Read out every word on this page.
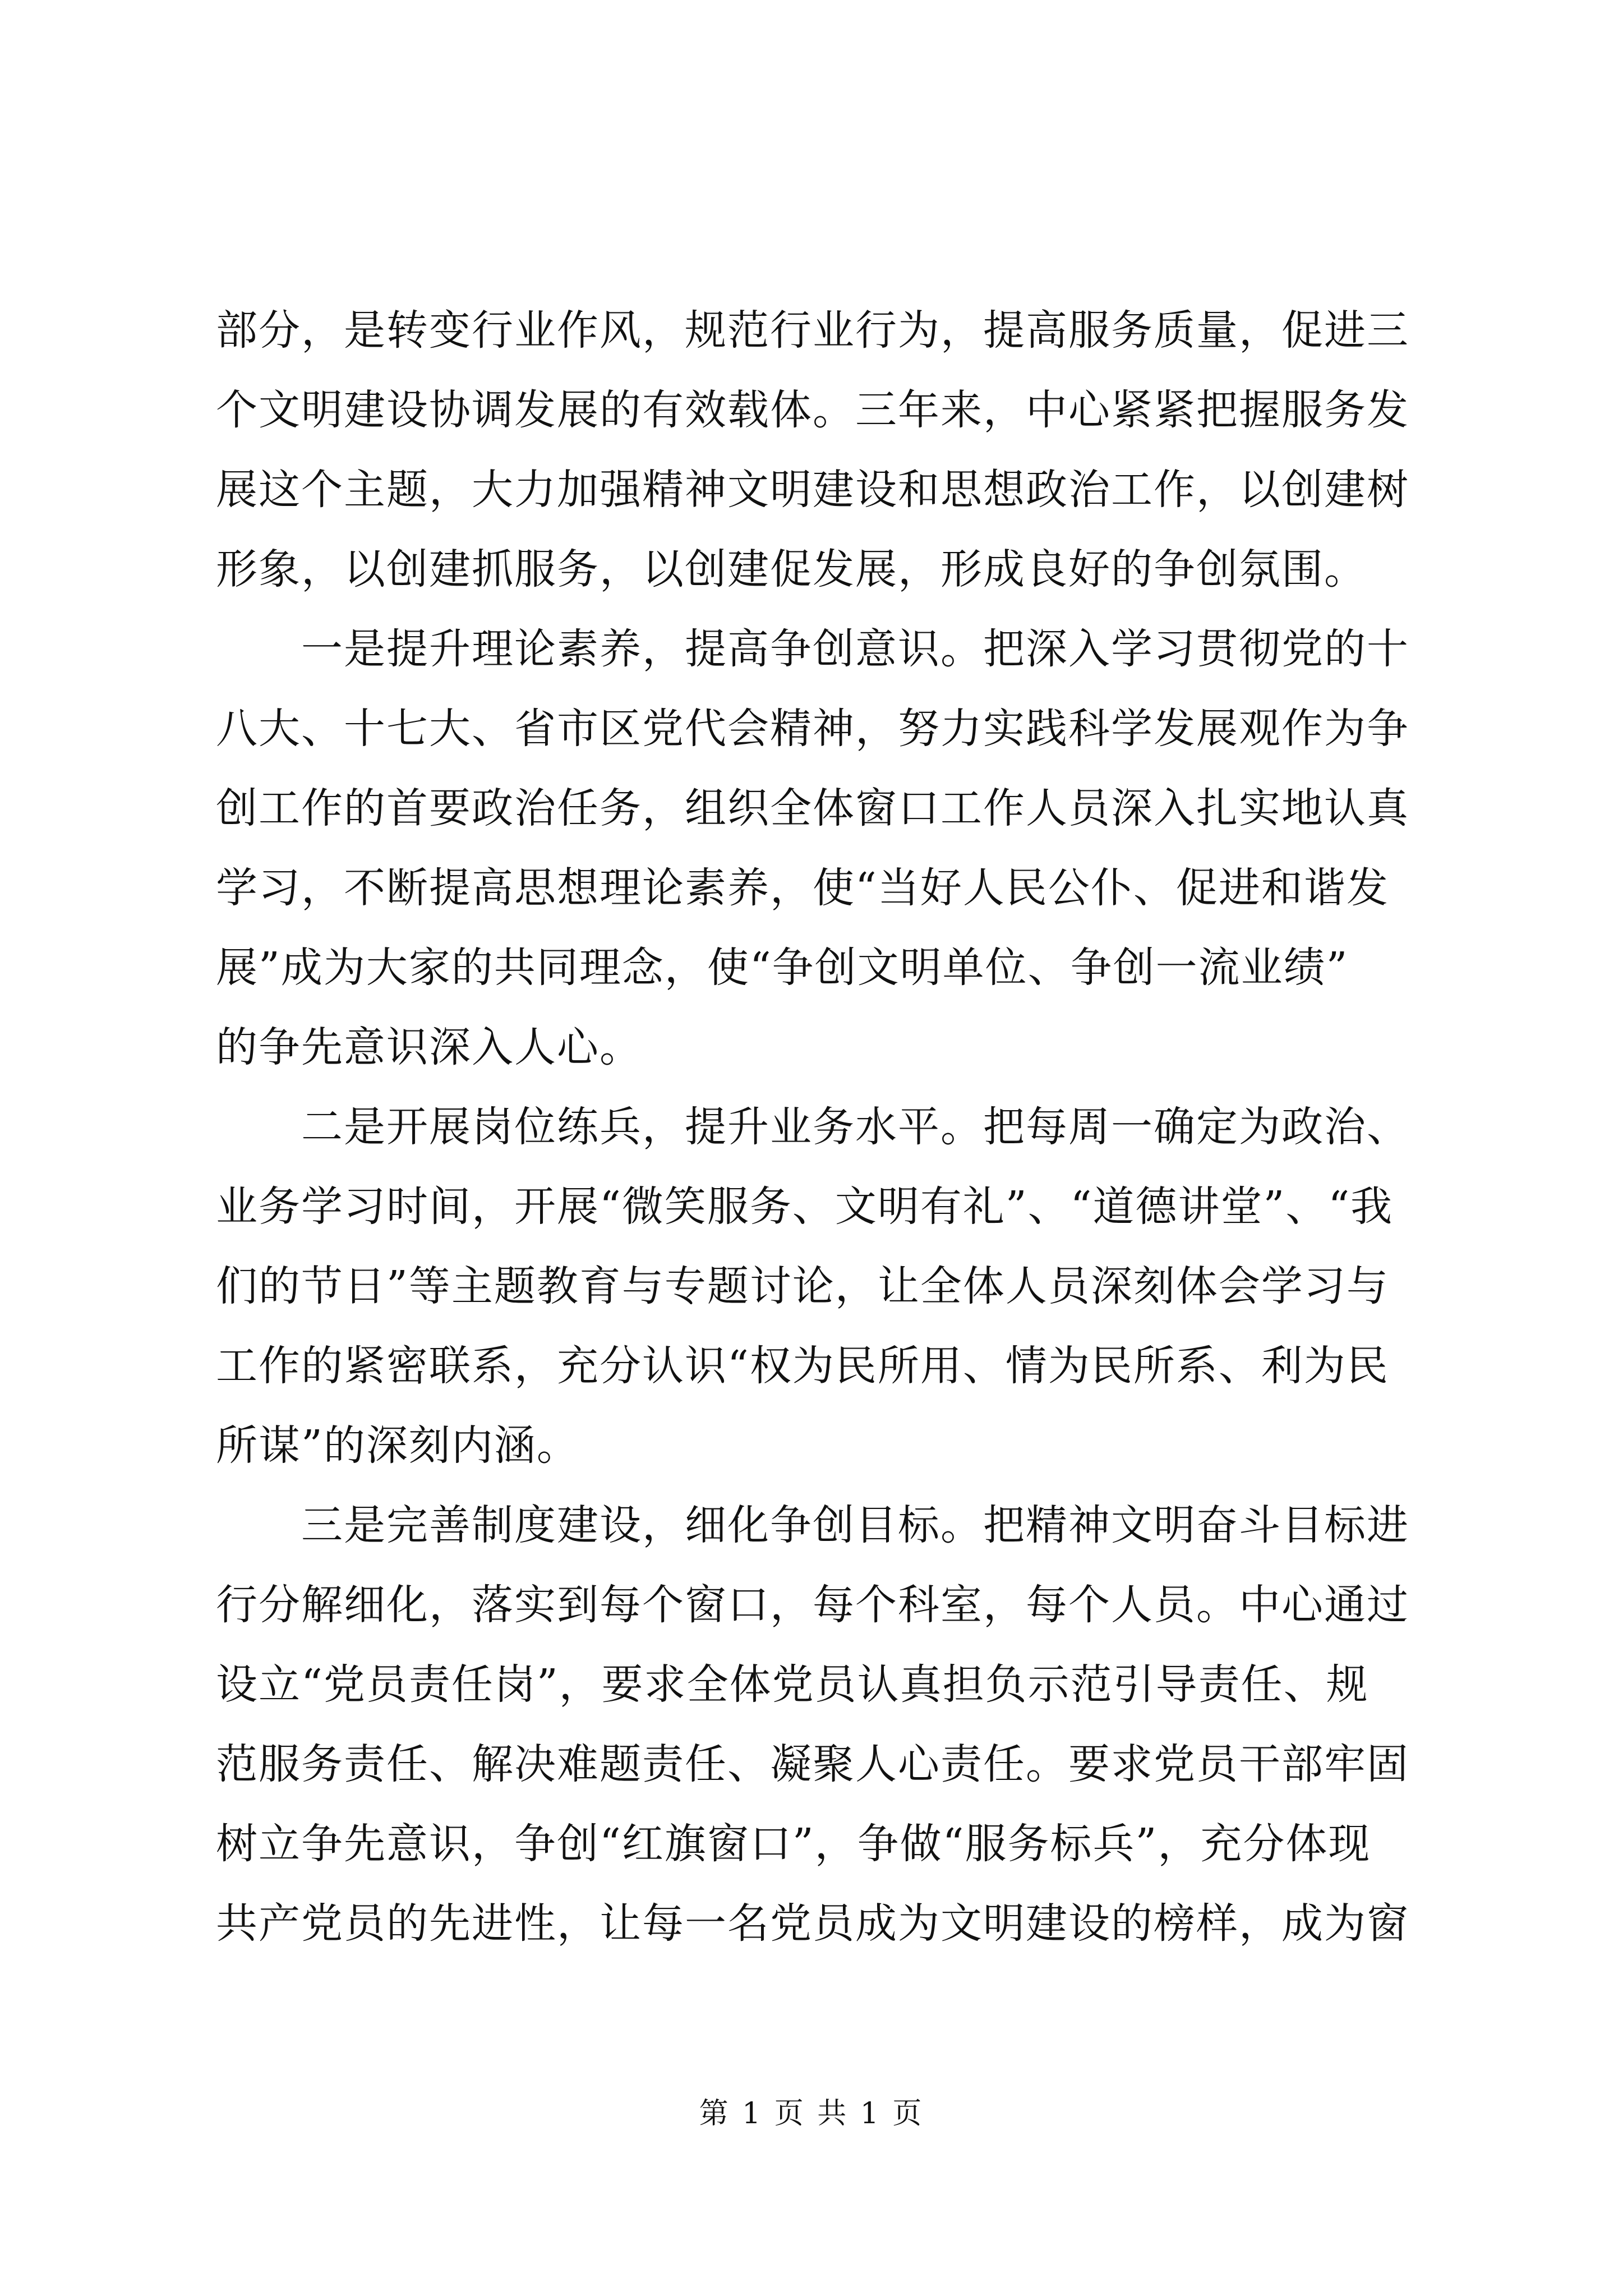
部分，是转变行业作风，规范行业行为，提高服务质量，促进三
个文明建设协调发展的有效载体。三年来，中心紧紧把握服务发
展这个主题，大力加强精神文明建设和思想政治工作，以创建树
形象，以创建抓服务，以创建促发展，形成良好的争创氛围。
　　一是提升理论素养，提高争创意识。把深入学习贯彻党的十
八大、十七大、省市区党代会精神，努力实践科学发展观作为争
创工作的首要政治任务，组织全体窗口工作人员深入扎实地认真
学习，不断提高思想理论素养，使“当好人民公仆、促进和谐发
展”成为大家的共同理念，使“争创文明单位、争创一流业绩”
的争先意识深入人心。
　　二是开展岗位练兵，提升业务水平。把每周一确定为政治、
业务学习时间，开展“微笑服务、文明有礼”、“道德讲堂”、“我
们的节日”等主题教育与专题讨论，让全体人员深刻体会学习与
工作的紧密联系，充分认识“权为民所用、情为民所系、利为民
所谋”的深刻内涵。
　　三是完善制度建设，细化争创目标。把精神文明奋斗目标进
行分解细化，落实到每个窗口，每个科室，每个人员。中心通过
设立“党员责任岗”，要求全体党员认真担负示范引导责任、规
范服务责任、解决难题责任、凝聚人心责任。要求党员干部牢固
树立争先意识，争创“红旗窗口”，争做“服务标兵”，充分体现
共产党员的先进性，让每一名党员成为文明建设的榜样，成为窗
第 1 页 共 1 页
